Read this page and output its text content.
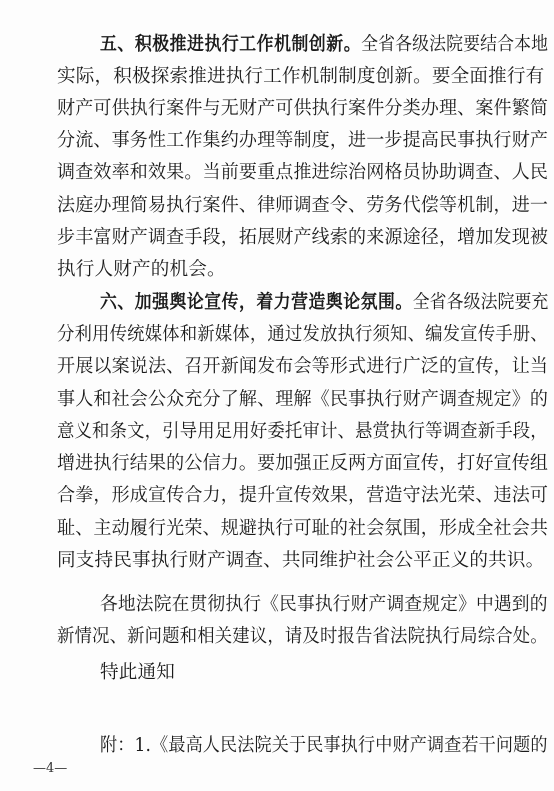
五、积极推进执行工作机制创新。全省各级法院要结合本地
实际，积极探索推进执行工作机制制度创新。要全面推行有
财产可供执行案件与无财产可供执行案件分类办理、案件繁简
分流、事务性工作集约办理等制度，进一步提高民事执行财产
调查效率和效果。当前要重点推进综治网格员协助调查、人民
法庭办理简易执行案件、律师调查令、劳务代偿等机制，进一
步丰富财产调查手段，拓展财产线索的来源途径，增加发现被
执行人财产的机会。
六、加强舆论宣传，着力营造舆论氛围。全省各级法院要充
分利用传统媒体和新媒体，通过发放执行须知、编发宣传手册、
开展以案说法、召开新闻发布会等形式进行广泛的宣传，让当
事人和社会公众充分了解、理解《民事执行财产调查规定》的
意义和条文，引导用足用好委托审计、悬赏执行等调查新手段，
增进执行结果的公信力。要加强正反两方面宣传，打好宣传组
合拳，形成宣传合力，提升宣传效果，营造守法光荣、违法可
耻、主动履行光荣、规避执行可耻的社会氛围，形成全社会共
同支持民事执行财产调查、共同维护社会公平正义的共识。
各地法院在贯彻执行《民事执行财产调查规定》中遇到的
新情况、新问题和相关建议，请及时报告省法院执行局综合处。
特此通知
附：1.《最高人民法院关于民事执行中财产调查若干问题的
—4—
